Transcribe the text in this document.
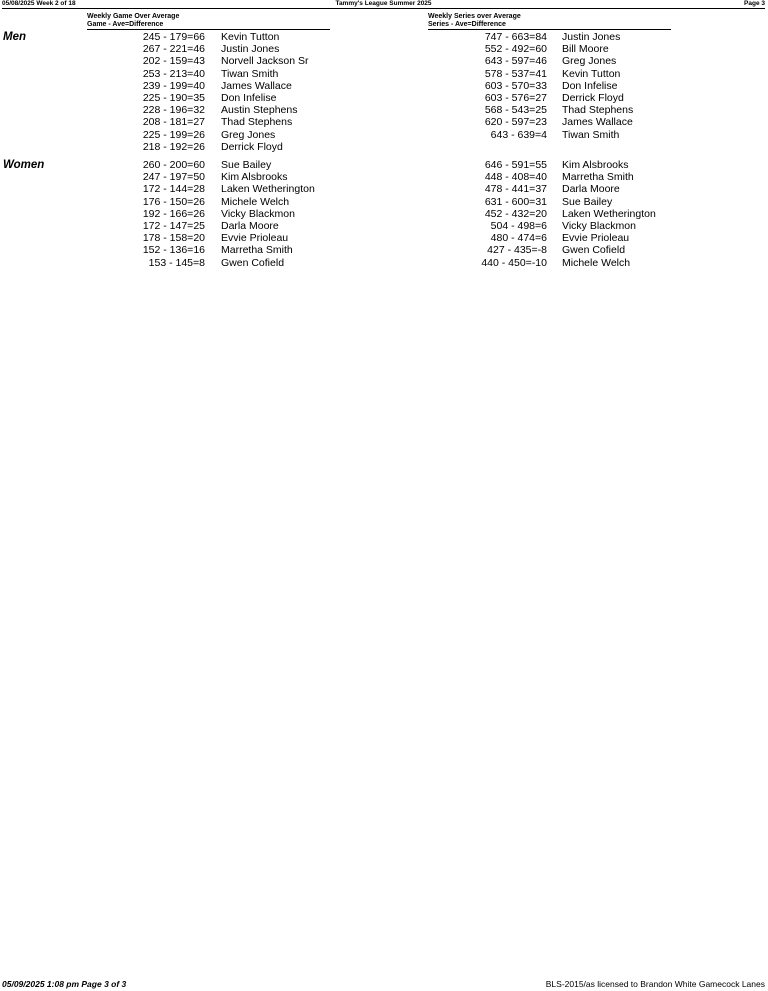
05/08/2025 Week 2 of 18	Tammy's League Summer 2025	Page 3
Weekly Game Over Average
Game - Ave=Difference
Weekly Series over Average
Series - Ave=Difference
Men	245 - 179=66 Kevin Tutton
267 - 221=46 Justin Jones
202 - 159=43 Norvell Jackson Sr
253 - 213=40 Tiwan Smith
239 - 199=40 James Wallace
225 - 190=35 Don Infelise
228 - 196=32 Austin Stephens
208 - 181=27 Thad Stephens
225 - 199=26 Greg Jones
218 - 192=26 Derrick Floyd
747 - 663=84 Justin Jones
552 - 492=60 Bill Moore
643 - 597=46 Greg Jones
578 - 537=41 Kevin Tutton
603 - 570=33 Don Infelise
603 - 576=27 Derrick Floyd
568 - 543=25 Thad Stephens
620 - 597=23 James Wallace
643 - 639=4 Tiwan Smith
Women	260 - 200=60 Sue Bailey
247 - 197=50 Kim Alsbrooks
172 - 144=28 Laken Wetherington
176 - 150=26 Michele Welch
192 - 166=26 Vicky Blackmon
172 - 147=25 Darla Moore
178 - 158=20 Evvie Prioleau
152 - 136=16 Marretha Smith
153 - 145=8 Gwen Cofield
646 - 591=55 Kim Alsbrooks
448 - 408=40 Marretha Smith
478 - 441=37 Darla Moore
631 - 600=31 Sue Bailey
452 - 432=20 Laken Wetherington
504 - 498=6 Vicky Blackmon
480 - 474=6 Evvie Prioleau
427 - 435=-8 Gwen Cofield
440 - 450=-10 Michele Welch
05/09/2025 1:08 pm Page 3 of 3	BLS-2015/as licensed to Brandon White Gamecock Lanes
